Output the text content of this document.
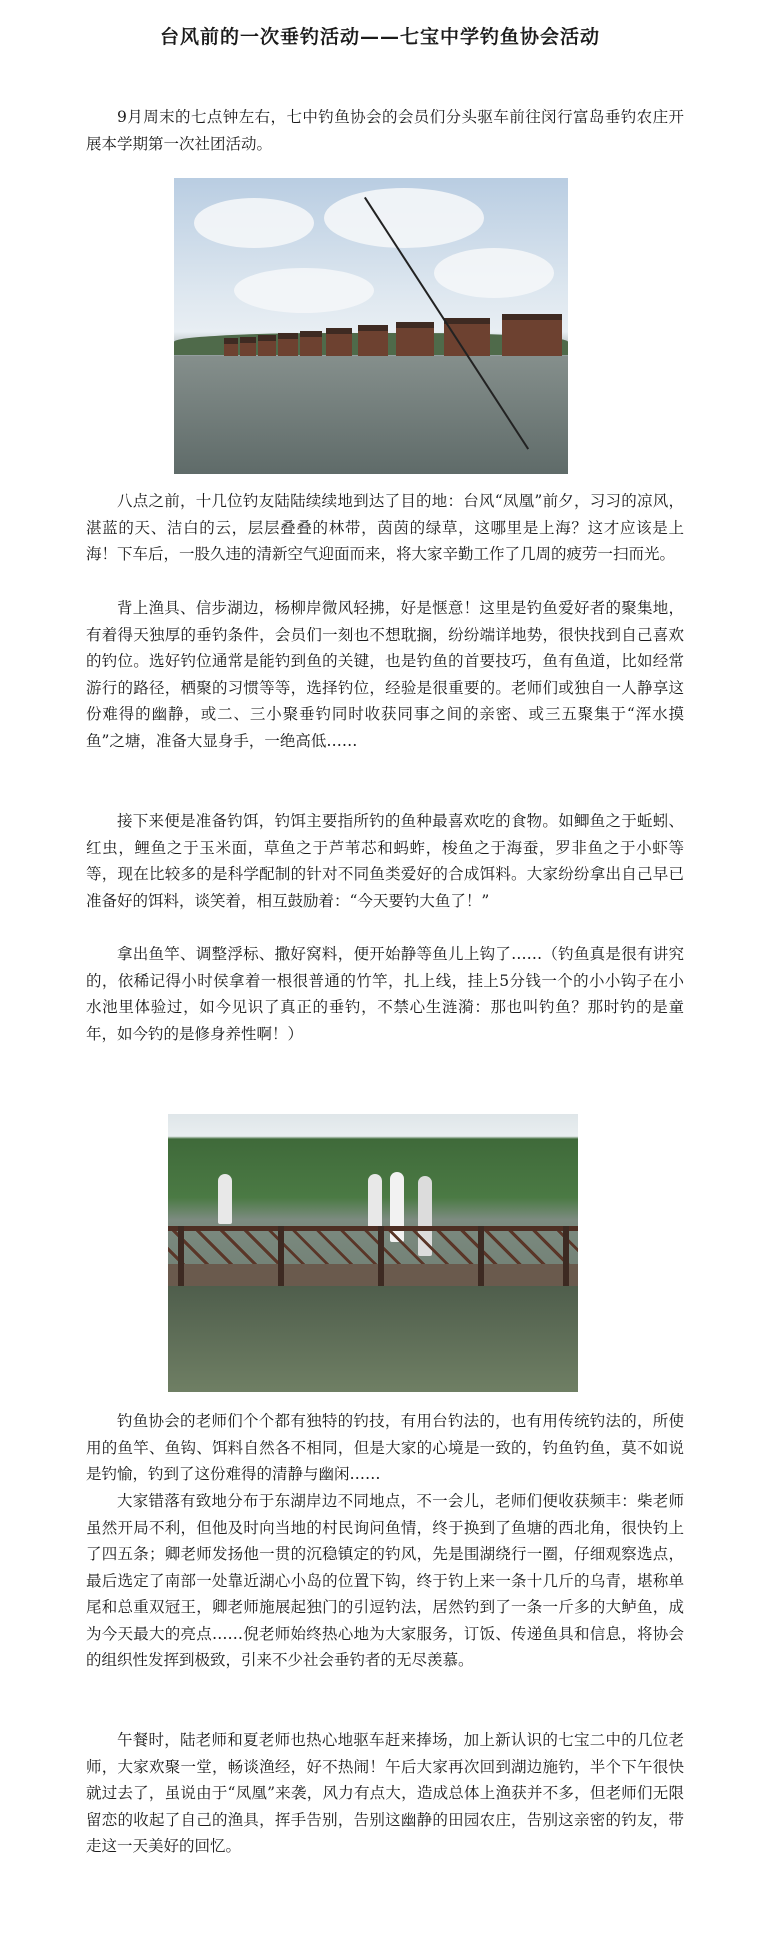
台风前的一次垂钓活动——七宝中学钓鱼协会活动

9月周末的七点钟左右，七中钓鱼协会的会员们分头驱车前往闵行富岛垂钓农庄开展本学期第一次社团活动。

八点之前，十几位钓友陆陆续续地到达了目的地：台风“凤凰”前夕，习习的凉风，湛蓝的天、洁白的云，层层叠叠的林带，茵茵的绿草，这哪里是上海？这才应该是上海！下车后，一股久违的清新空气迎面而来，将大家辛勤工作了几周的疲劳一扫而光。

背上渔具、信步湖边，杨柳岸微风轻拂，好是惬意！这里是钓鱼爱好者的聚集地，有着得天独厚的垂钓条件，会员们一刻也不想耽搁，纷纷端详地势，很快找到自己喜欢的钓位。选好钓位通常是能钓到鱼的关键，也是钓鱼的首要技巧，鱼有鱼道，比如经常游行的路径，栖聚的习惯等等，选择钓位，经验是很重要的。老师们或独自一人静享这份难得的幽静，或二、三小聚垂钓同时收获同事之间的亲密、或三五聚集于“浑水摸鱼”之塘，准备大显身手，一绝高低……

接下来便是准备钓饵，钓饵主要指所钓的鱼种最喜欢吃的食物。如鲫鱼之于蚯蚓、红虫，鲤鱼之于玉米面，草鱼之于芦苇芯和蚂蚱，梭鱼之于海蚕，罗非鱼之于小虾等等，现在比较多的是科学配制的针对不同鱼类爱好的合成饵料。大家纷纷拿出自己早已准备好的饵料，谈笑着，相互鼓励着：“今天要钓大鱼了！”

拿出鱼竿、调整浮标、撒好窝料，便开始静等鱼儿上钩了……（钓鱼真是很有讲究的，依稀记得小时侯拿着一根很普通的竹竿，扎上线，挂上5分钱一个的小小钩子在小水池里体验过，如今见识了真正的垂钓，不禁心生涟漪：那也叫钓鱼？那时钓的是童年，如今钓的是修身养性啊！）

钓鱼协会的老师们个个都有独特的钓技，有用台钓法的，也有用传统钓法的，所使用的鱼竿、鱼钩、饵料自然各不相同，但是大家的心境是一致的，钓鱼钓鱼，莫不如说是钓愉，钓到了这份难得的清静与幽闲……

大家错落有致地分布于东湖岸边不同地点，不一会儿，老师们便收获频丰：柴老师虽然开局不利，但他及时向当地的村民询问鱼情，终于换到了鱼塘的西北角，很快钓上了四五条；卿老师发扬他一贯的沉稳镇定的钓风，先是围湖绕行一圈，仔细观察选点，最后选定了南部一处靠近湖心小岛的位置下钩，终于钓上来一条十几斤的乌青，堪称单尾和总重双冠王，卿老师施展起独门的引逗钓法，居然钓到了一条一斤多的大鲈鱼，成为今天最大的亮点……倪老师始终热心地为大家服务，订饭、传递鱼具和信息，将协会的组织性发挥到极致，引来不少社会垂钓者的无尽羡慕。

午餐时，陆老师和夏老师也热心地驱车赶来捧场，加上新认识的七宝二中的几位老师，大家欢聚一堂，畅谈渔经，好不热闹！午后大家再次回到湖边施钓，半个下午很快就过去了，虽说由于“凤凰”来袭，风力有点大，造成总体上渔获并不多，但老师们无限留恋的收起了自己的渔具，挥手告别，告别这幽静的田园农庄，告别这亲密的钓友，带走这一天美好的回忆。
